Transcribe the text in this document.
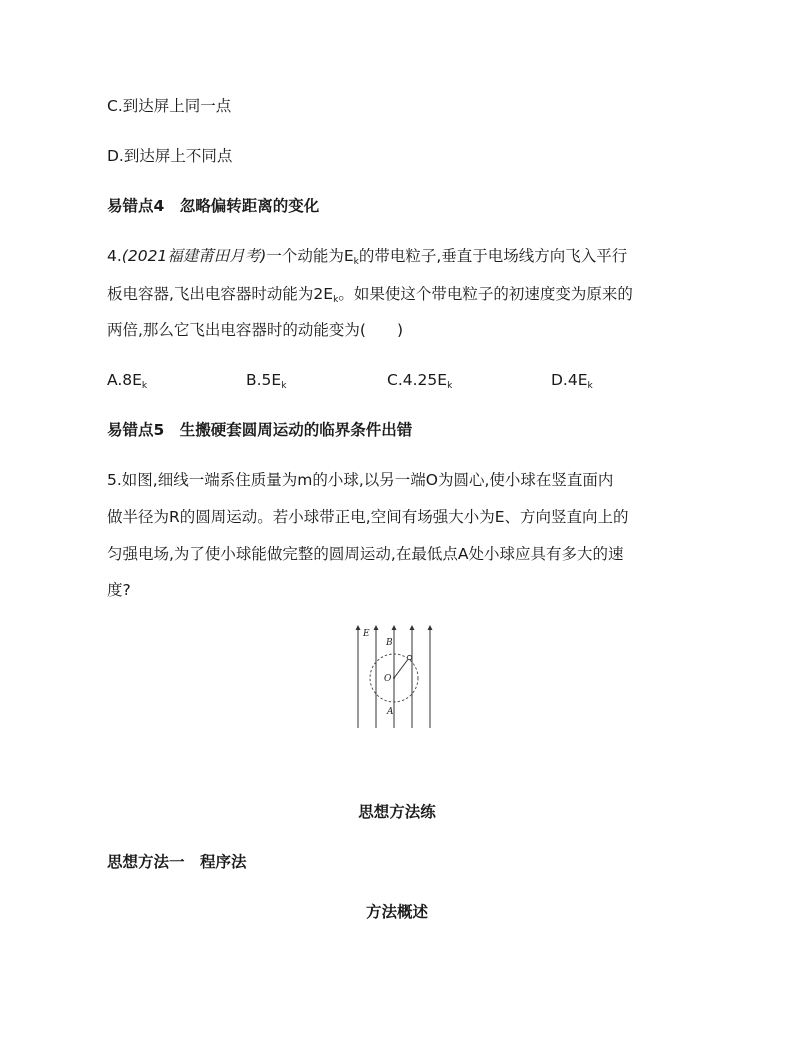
C.到达屏上同一点
D.到达屏上不同点
易错点4　忽略偏转距离的变化
4.(2021福建莆田月考)一个动能为$E_k$的带电粒子,垂直于电场线方向飞入平行
板电容器,飞出电容器时动能为$2E_k$。如果使这个带电粒子的初速度变为原来的
两倍,那么它飞出电容器时的动能变为(　　)
$A.8E_k$	$B.5E_k$	$C.4.25E_k$	$D.4E_k$
易错点5　生搬硬套圆周运动的临界条件出错
5.如图,细线一端系住质量为m的小球,以另一端O为圆心,使小球在竖直面内
做半径为R的圆周运动。若小球带正电,空间有场强大小为E、方向竖直向上的
匀强电场,为了使小球能做完整的圆周运动,在最低点A处小球应具有多大的速
度?
E
B
O
A
思想方法练
思想方法一　程序法
方法概述
